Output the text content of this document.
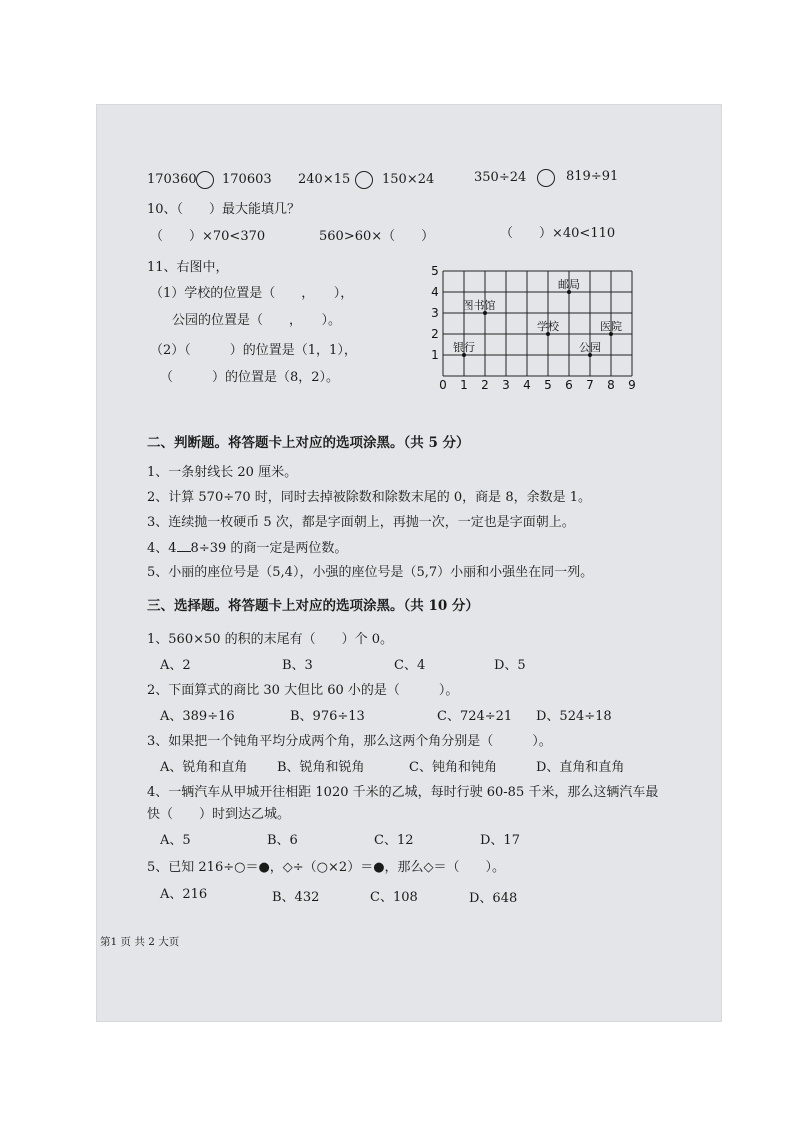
170360 170603 240×15 150×24	350÷24	819÷91
10、（　　）最大能填几？
（　　）×70<370	560>60×（　　）	（　　）×40<110
11、右图中，
（1）学校的位置是（　　，　　），
公园的位置是（　　，　　）。
（2）（　　　）的位置是（1，1），
（　　　）的位置是（8，2）。	0 1 2 3 4 5 6 7 8 9
1
2
3
4
5
银行
图书馆
学校
邮局
公园
医院
二、判断题。将答题卡上对应的选项涂黑。（共 5 分）
1、一条射线长 20 厘米。
2、计算 570÷70 时，同时去掉被除数和除数末尾的 0，商是 8，余数是 1。
3、连续抛一枚硬币 5 次，都是字面朝上，再抛一次，一定也是字面朝上。
4、4 8÷39 的商一定是两位数。
5、小丽的座位号是（5,4），小强的座位号是（5,7）小丽和小强坐在同一列。
三、选择题。将答题卡上对应的选项涂黑。（共 10 分）
1、560×50 的积的末尾有（　　）个 0。
A、2	B、3	C、4	D、5
2、下面算式的商比 30 大但比 60 小的是（　　　）。
A、389÷16	B、976÷13	C、724÷21 D、524÷18
3、如果把一个钝角平均分成两个角，那么这两个角分别是（　　　）。
A、锐角和直角 B、锐角和锐角	C、钝角和钝角	D、直角和直角
4、一辆汽车从甲城开往相距 1020 千米的乙城，每时行驶 60-85 千米，那么这辆汽车最
快（　　）时到达乙城。
A、5	B、6	C、12	D、17
5、已知 216÷○＝●，◇÷（○×2）＝●，那么◇＝（　　）。
A、216	B、432	C、108	D、648
第1 页 共 2 大页
